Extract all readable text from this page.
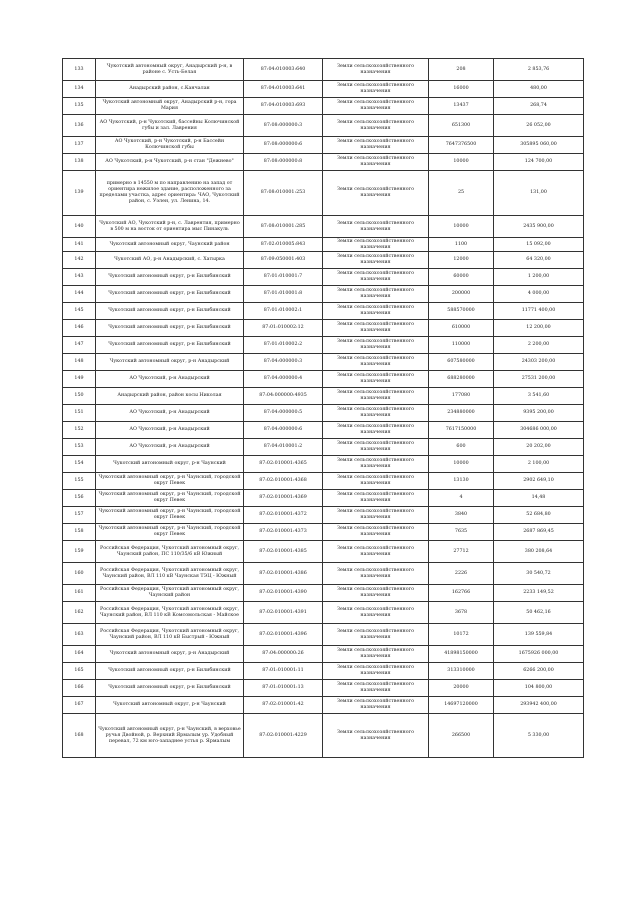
133	Чукотский автономный округ, Анадырский р-н, в районе с. Усть-Белая	87:04:010003:640	Земли сельскохозяйственного назначения	208	2 853,76
134	Анадырский район, с.Канчалан	87:04:010003:641	Земли сельскохозяйственного назначения	16000	480,00
135	Чукотский автономный округ, Анадырский р-н, гора Мария	87:04:010003:693	Земли сельскохозяйственного назначения	13437	268,74
136	АО Чукотский, р-н Чукотский, бассейны Колючинской губы и зал. Лаврения	87:08:000000:3	Земли сельскохозяйственного назначения	651300	26 052,00
137	АО Чукотский, р-н Чукотский, р-н Бассейн Колючинской губы	87:08:000000:6	Земли сельскохозяйственного назначения	7647376500	305895 060,00
138	АО Чукотский, р-н Чукотский, р-н стан "Дежнево"	87:08:000000:8	Земли сельскохозяйственного назначения	10000	124 700,00
139	примерно в 14550 м по направлению на запад от ориентира нежилое здание, расположенного за пределами участка, адрес ориентира: ЧАО, Чукотский район, с. Уэлен, ул. Ленина, 14.	87:08:010001:253	Земли сельскохозяйственного назначения	25	131,00
140	Чукотский АО, Чукотский р-н, с. Лаврентия, примерно в 500 м на восток от ориентира мыс Пинакуль	87:08:010001:285	Земли сельскохозяйственного назначения	10000	2435 900,00
141	Чукотский автономный округ, Чаунский район	87:02:010005:843	Земли сельскохозяйственного назначения	1100	15 092,00
142	Чукотский АО, р-н Анадырский, с. Хатырка	87:09:050001:403	Земли сельскохозяйственного назначения	12000	64 320,00
143	Чукотский автономный округ, р-н Билибинский	87:01:010001:7	Земли сельскохозяйственного назначения	60000	1 200,00
144	Чукотский автономный округ, р-н Билибинский	87:01:010001:8	Земли сельскохозяйственного назначения	200000	4 000,00
145	Чукотский автономный округ, р-н Билибинский	87:01:010002:1	Земли сельскохозяйственного назначения	588570000	11771 400,00
146	Чукотский автономный округ, р-н Билибинский	87:01:010002:12	Земли сельскохозяйственного назначения	610000	12 200,00
147	Чукотский автономный округ, р-н Билибинский	87:01:010002:2	Земли сельскохозяйственного назначения	110000	2 200,00
148	Чукотский автономный округ, р-н Анадырский	87:04:000000:3	Земли сельскохозяйственного назначения	607580000	24303 200,00
149	АО Чукотский, р-н Анадырский	87:04:000000:4	Земли сельскохозяйственного назначения	688280000	27531 200,00
150	Анадырский район, район косы Николая	87:04:000000:4935	Земли сельскохозяйственного назначения	177080	3 541,60
151	АО Чукотский, р-н Анадырский	87:04:000000:5	Земли сельскохозяйственного назначения	234880000	9395 200,00
152	АО Чукотский, р-н Анадырский	87:04:000000:6	Земли сельскохозяйственного назначения	7617150000	304686 000,00
153	АО Чукотский, р-н Анадырский	87:04:010001:2	Земли сельскохозяйственного назначения	600	20 202,00
154	Чукотский автономный округ, р-н Чаунский	87:02:010001:4365	Земли сельскохозяйственного назначения	10000	2 100,00
155	Чукотский автономный округ, р-н Чаунский, городской округ Певек	87:02:010001:4368	Земли сельскохозяйственного назначения	13130	2902 649,10
156	Чукотский автономный округ, р-н Чаунский, городской округ Певек	87:02:010001:4369	Земли сельскохозяйственного назначения	4	14,48
157	Чукотский автономный округ, р-н Чаунский, городской округ Певек	87:02:010001:4372	Земли сельскохозяйственного назначения	3840	52 684,80
158	Чукотский автономный округ, р-н Чаунский, городской округ Певек	87:02:010001:4373	Земли сельскохозяйственного назначения	7635	2687 869,45
159	Российская Федерация, Чукотский автономный округ, Чаунский район, ПС 110/35/6 кВ Южный	87:02:010001:4385	Земли сельскохозяйственного назначения	27712	380 208,64
160	Российская Федерация, Чукотский автономный округ, Чаунский район, ВЛ 110 кВ Чаунская ТЭЦ - Южный	87:02:010001:4386	Земли сельскохозяйственного назначения	2226	30 540,72
161	Российская Федерация, Чукотский автономный округ, Чаунский район	87:02:010001:4390	Земли сельскохозяйственного назначения	162766	2233 149,52
162	Российская Федерация, Чукотский автономный округ, Чаунский район, ВЛ 110 кВ Комсомольская - Майское	87:02:010001:4391	Земли сельскохозяйственного назначения	3678	50 462,16
163	Российская Федерация, Чукотский автономный округ, Чаунский район, ВЛ 110 кВ Быстрый - Южный	87:02:010001:4396	Земли сельскохозяйственного назначения	10172	139 559,84
164	Чукотский автономный округ, р-н Анадырский	87:04:000000:26	Земли сельскохозяйственного назначения	41898150000	1675926 000,00
165	Чукотский автономный округ, р-н Билибинский	87:01:010001:11	Земли сельскохозяйственного назначения	313310000	6266 200,00
166	Чукотский автономный округ, р-н Билибинский	87:01:010001:13	Земли сельскохозяйственного назначения	20000	104 800,00
167	Чукотский автономный округ, р-н Чаунский	87:02:010001:42	Земли сельскохозяйственного назначения	14697120000	293942 400,00
168	Чукотский автономный округ, р-н Чаунский, в верховье ручья Двойной, р. Верхний Ярмалым ур. Удобный перевал, 72 км юго-западнее устья р. Ярмалым	87:02:010001:4229	Земли сельскохозяйственного назначения	266500	5 330,00
